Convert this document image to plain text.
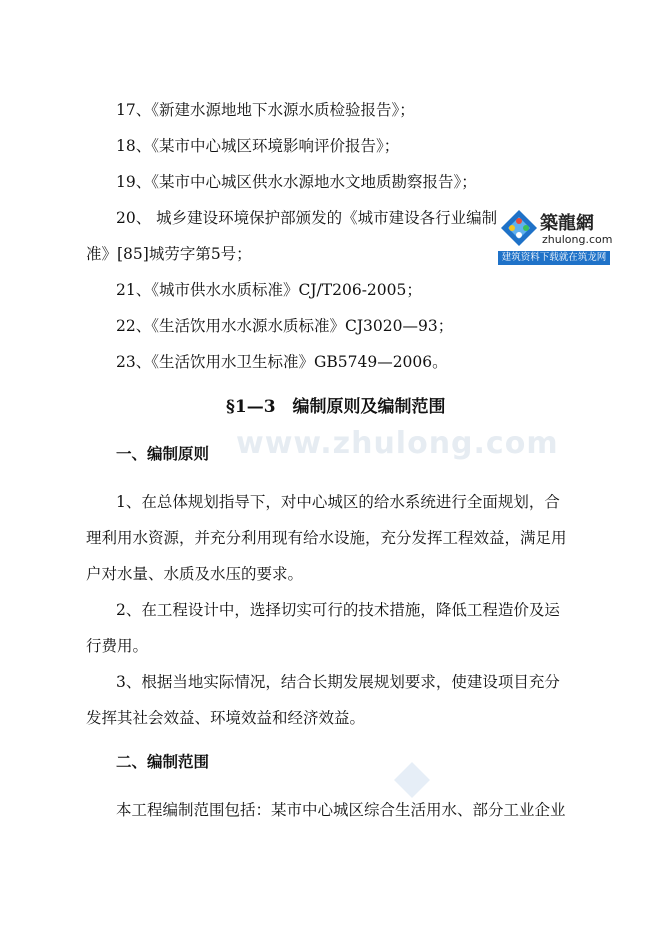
www.zhulong.com
17、《新建水源地地下水源水质检验报告》；
18、《某市中心城区环境影响评价报告》；
19、《某市中心城区供水水源地水文地质勘察报告》；
20、 城乡建设环境保护部颁发的《城市建设各行业编制
准》[85]城劳字第5号；
21、《城市供水水质标准》CJ/T206-2005；
22、《生活饮用水水源水质标准》CJ3020—93；
23、《生活饮用水卫生标准》GB5749—2006。
築龍網
zhulong.com
建筑资料下载就在筑龙网
§1—3　编制原则及编制范围
一、编制原则
1、在总体规划指导下，对中心城区的给水系统进行全面规划，合
理利用水资源，并充分利用现有给水设施，充分发挥工程效益，满足用
户对水量、水质及水压的要求。
2、在工程设计中，选择切实可行的技术措施，降低工程造价及运
行费用。
3、根据当地实际情况，结合长期发展规划要求，使建设项目充分
发挥其社会效益、环境效益和经济效益。
二、编制范围
本工程编制范围包括：某市中心城区综合生活用水、部分工业企业
